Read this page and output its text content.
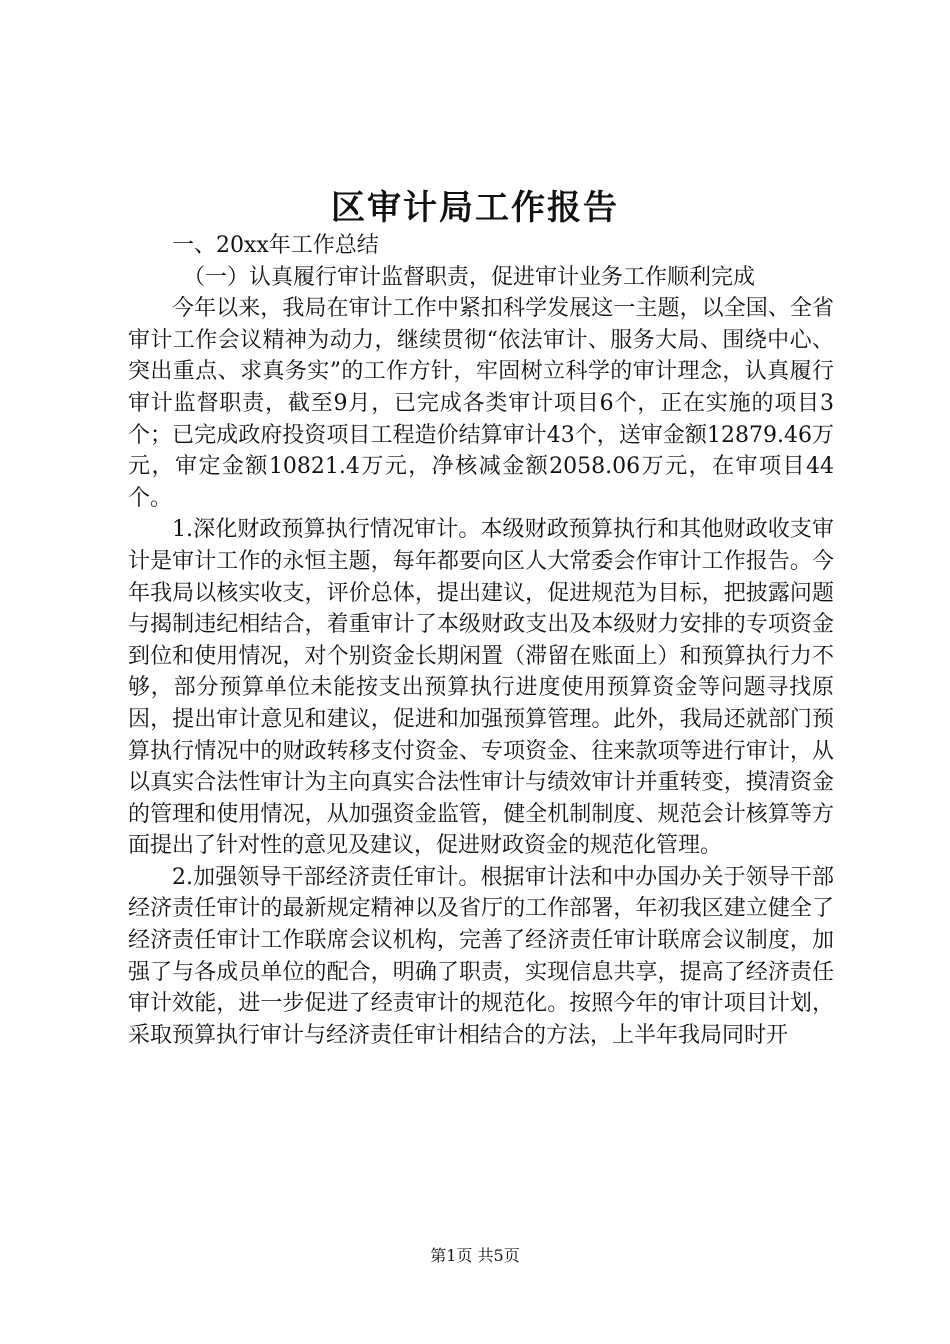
区审计局工作报告

一、20xx年工作总结

（一）认真履行审计监督职责，促进审计业务工作顺利完成

今年以来，我局在审计工作中紧扣科学发展这一主题，以全国、全省审计工作会议精神为动力，继续贯彻“依法审计、服务大局、围绕中心、突出重点、求真务实”的工作方针，牢固树立科学的审计理念，认真履行审计监督职责，截至9月，已完成各类审计项目6个，正在实施的项目3个；已完成政府投资项目工程造价结算审计43个，送审金额12879.46万元，审定金额10821.4万元，净核减金额2058.06万元，在审项目44个。

1.深化财政预算执行情况审计。本级财政预算执行和其他财政收支审计是审计工作的永恒主题，每年都要向区人大常委会作审计工作报告。今年我局以核实收支，评价总体，提出建议，促进规范为目标，把披露问题与揭制违纪相结合，着重审计了本级财政支出及本级财力安排的专项资金到位和使用情况，对个别资金长期闲置（滞留在账面上）和预算执行力不够，部分预算单位未能按支出预算执行进度使用预算资金等问题寻找原因，提出审计意见和建议，促进和加强预算管理。此外，我局还就部门预算执行情况中的财政转移支付资金、专项资金、往来款项等进行审计，从以真实合法性审计为主向真实合法性审计与绩效审计并重转变，摸清资金的管理和使用情况，从加强资金监管，健全机制制度、规范会计核算等方面提出了针对性的意见及建议，促进财政资金的规范化管理。

2.加强领导干部经济责任审计。根据审计法和中办国办关于领导干部经济责任审计的最新规定精神以及省厅的工作部署，年初我区建立健全了经济责任审计工作联席会议机构，完善了经济责任审计联席会议制度，加强了与各成员单位的配合，明确了职责，实现信息共享，提高了经济责任审计效能，进一步促进了经责审计的规范化。按照今年的审计项目计划，采取预算执行审计与经济责任审计相结合的方法，上半年我局同时开

第1页 共5页
